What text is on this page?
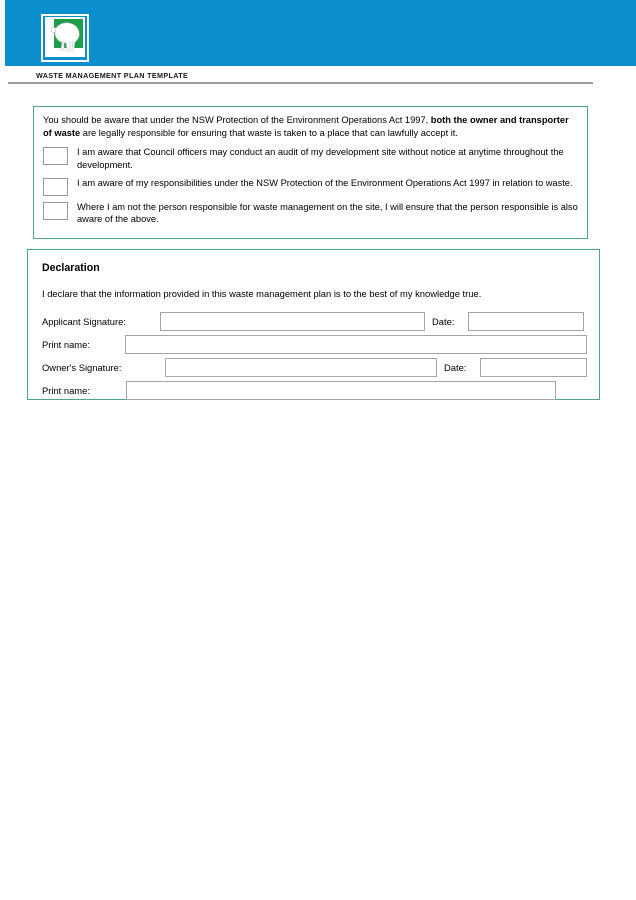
camden
council
WASTE MANAGEMENT PLAN TEMPLATE

You should be aware that under the NSW Protection of the Environment Operations Act 1997, both the owner and transporter of waste are legally responsible for ensuring that waste is taken to a place that can lawfully accept it.

I am aware that Council officers may conduct an audit of my development site without notice at anytime throughout the development.
I am aware of my responsibilities under the NSW Protection of the Environment Operations Act 1997 in relation to waste.
Where I am not the person responsible for waste management on the site, I will ensure that the person responsible is also aware of the above.
Declaration
I declare that the information provided in this waste management plan is to the best of my knowledge true.
Applicant Signature:	Date:
Print name:
Owner's Signature:	Date:
Print name:
